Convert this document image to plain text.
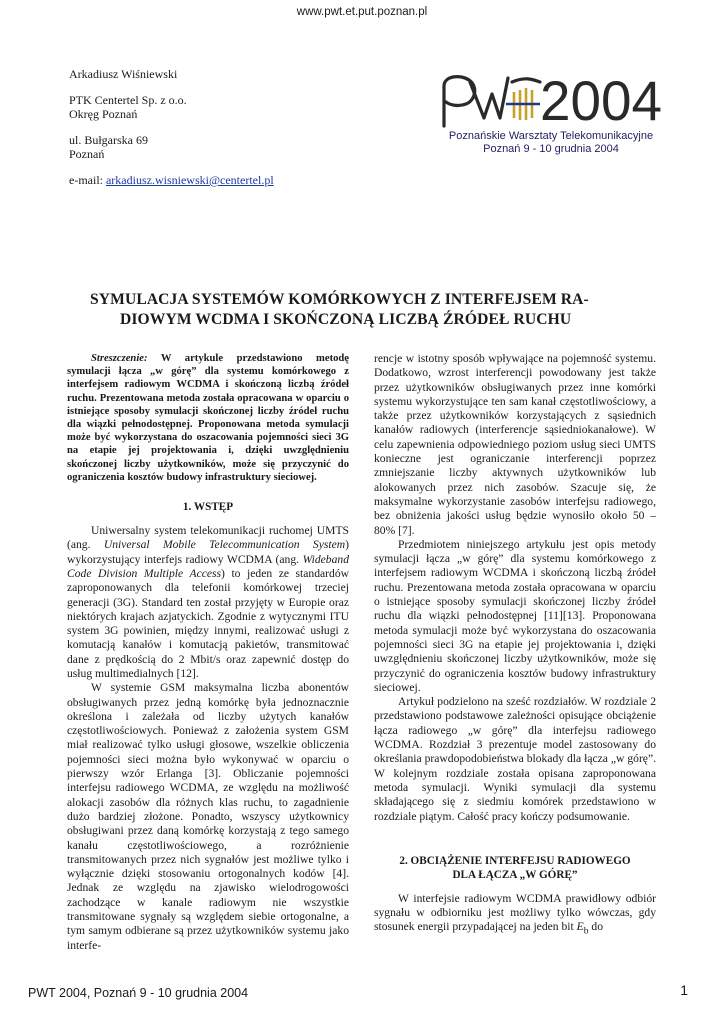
www.pwt.et.put.poznan.pl

Arkadiusz Wiśniewski

PTK Centertel Sp. z o.o.
Okręg Poznań

ul. Bułgarska 69
Poznań

e-mail: arkadiusz.wisniewski@centertel.pl

2004
Poznańskie Warsztaty Telekomunikacyjne
Poznań 9 - 10 grudnia 2004
SYMULACJA SYSTEMÓW KOMÓRKOWYCH Z INTERFEJSEM RA-
DIOWYM WCDMA I SKOŃCZONĄ LICZBĄ ŹRÓDEŁ RUCHU

Streszczenie: W artykule przedstawiono metodę symulacji łącza „w górę” dla systemu komórkowego z interfejsem radiowym WCDMA i skończoną liczbą źródeł ruchu. Prezentowana metoda została opracowana w oparciu o istniejące sposoby symulacji skończonej liczby źródeł ruchu dla wiązki pełnodostępnej. Proponowana metoda symulacji może być wykorzystana do oszacowania pojemności sieci 3G na etapie jej projektowania i, dzięki uwzględnieniu skończonej liczby użytkowników, może się przyczynić do ograniczenia kosztów budowy infrastruktury sieciowej.

1. WSTĘP

Uniwersalny system telekomunikacji ruchomej UMTS (ang. Universal Mobile Telecommunication System) wykorzystujący interfejs radiowy WCDMA (ang. Wideband Code Division Multiple Access) to jeden ze standardów zaproponowanych dla telefonii komórkowej trzeciej generacji (3G). Standard ten został przyjęty w Europie oraz niektórych krajach azjatyckich. Zgodnie z wytycznymi ITU system 3G powinien, między innymi, realizować usługi z komutacją kanałów i komutacją pakietów, transmitować dane z prędkością do 2 Mbit/s oraz zapewnić dostęp do usług multimedialnych [12].

W systemie GSM maksymalna liczba abonentów obsługiwanych przez jedną komórkę była jednoznacznie określona i zależała od liczby użytych kanałów częstotliwościowych. Ponieważ z założenia system GSM miał realizować tylko usługi głosowe, wszelkie obliczenia pojemności sieci można było wykonywać w oparciu o pierwszy wzór Erlanga [3]. Obliczanie pojemności interfejsu radiowego WCDMA, ze względu na możliwość alokacji zasobów dla różnych klas ruchu, to zagadnienie dużo bardziej złożone. Ponadto, wszyscy użytkownicy obsługiwani przez daną komórkę korzystają z tego samego kanału częstotliwościowego, a rozróżnienie transmitowanych przez nich sygnałów jest możliwe tylko i wyłącznie dzięki stosowaniu ortogonalnych kodów [4]. Jednak ze względu na zjawisko wielodrogowości zachodzące w kanale radiowym nie wszystkie transmitowane sygnały są względem siebie ortogonalne, a tym samym odbierane są przez użytkowników systemu jako interfe-

rencje w istotny sposób wpływające na pojemność systemu. Dodatkowo, wzrost interferencji powodowany jest także przez użytkowników obsługiwanych przez inne komórki systemu wykorzystujące ten sam kanał częstotliwościowy, a także przez użytkowników korzystających z sąsiednich kanałów radiowych (interferencje sąsiedniokanałowe). W celu zapewnienia odpowiedniego poziom usług sieci UMTS konieczne jest ograniczanie interferencji poprzez zmniejszanie liczby aktywnych użytkowników lub alokowanych przez nich zasobów. Szacuje się, że maksymalne wykorzystanie zasobów interfejsu radiowego, bez obniżenia jakości usług będzie wynosiło około 50 – 80% [7].

Przedmiotem niniejszego artykułu jest opis metody symulacji łącza „w górę” dla systemu komórkowego z interfejsem radiowym WCDMA i skończoną liczbą źródeł ruchu. Prezentowana metoda została opracowana w oparciu o istniejące sposoby symulacji skończonej liczby źródeł ruchu dla wiązki pełnodostępnej [11][13]. Proponowana metoda symulacji może być wykorzystana do oszacowania pojemności sieci 3G na etapie jej projektowania i, dzięki uwzględnieniu skończonej liczby użytkowników, może się przyczynić do ograniczenia kosztów budowy infrastruktury sieciowej.

Artykuł podzielono na sześć rozdziałów. W rozdziale 2 przedstawiono podstawowe zależności opisujące obciążenie łącza radiowego „w górę” dla interfejsu radiowego WCDMA. Rozdział 3 prezentuje model zastosowany do określania prawdopodobieństwa blokady dla łącza „w górę”. W kolejnym rozdziale została opisana zaproponowana metoda symulacji. Wyniki symulacji dla systemu składającego się z siedmiu komórek przedstawiono w rozdziale piątym. Całość pracy kończy podsumowanie.

2. OBCIĄŻENIE INTERFEJSU RADIOWEGO
DLA ŁĄCZA „W GÓRĘ”

W interfejsie radiowym WCDMA prawidłowy odbiór sygnału w odbiorniku jest możliwy tylko wówczas, gdy stosunek energii przypadającej na jeden bit $E_b$ do

PWT 2004, Poznań 9 - 10 grudnia 2004	1
